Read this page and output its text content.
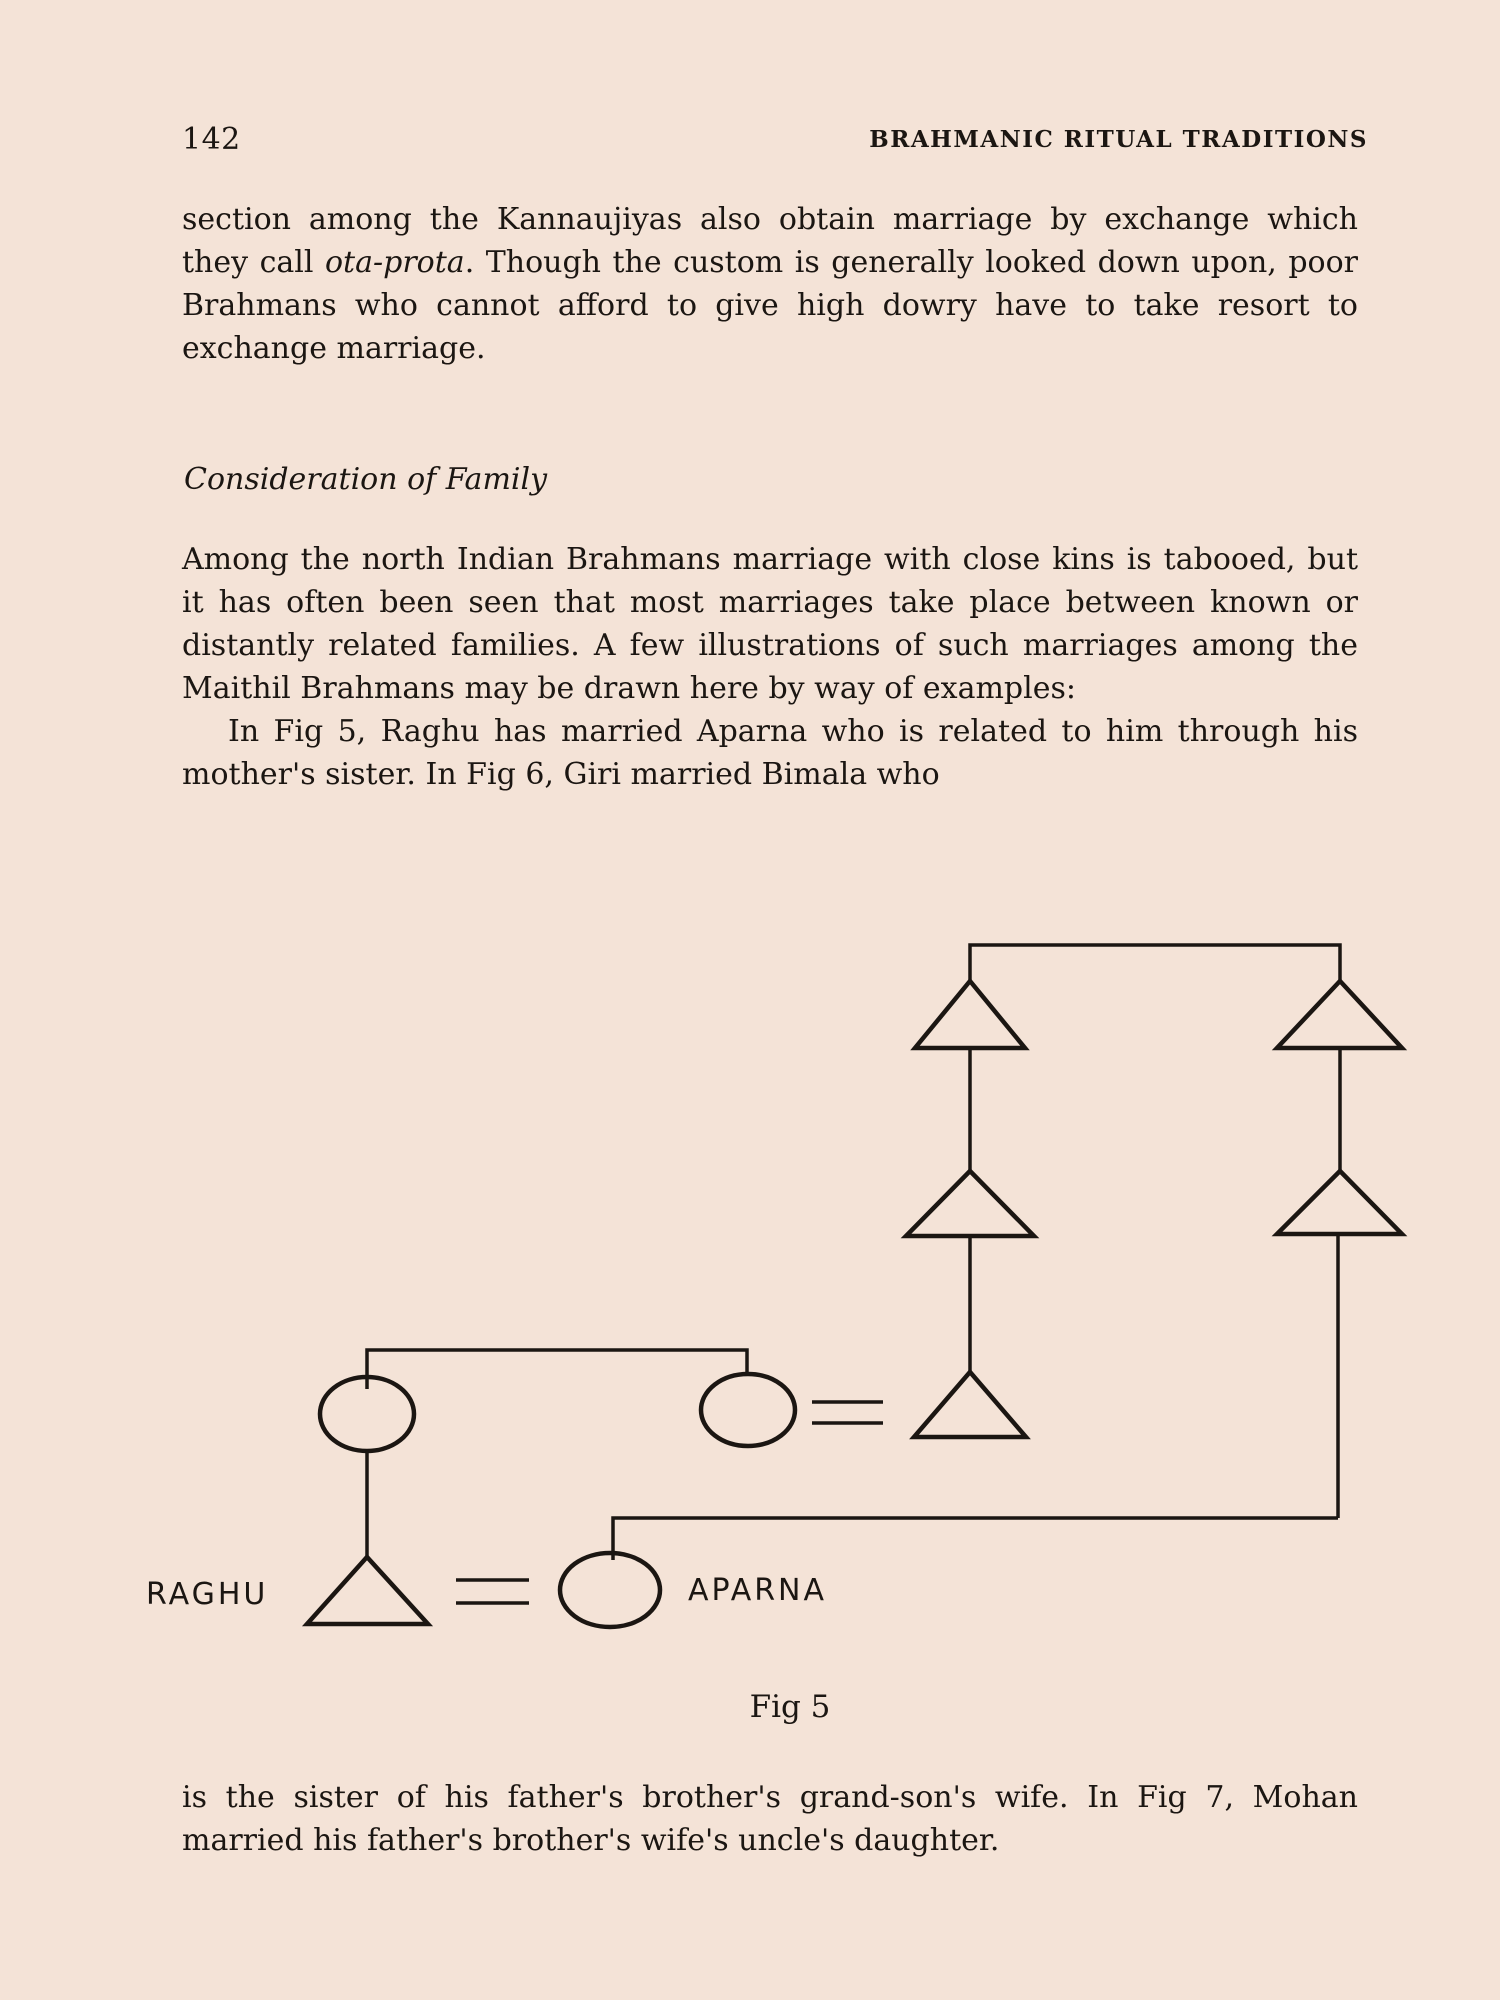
142	BRAHMANIC RITUAL TRADITIONS

section among the Kannaujiyas also obtain marriage by exchange which they call ota-prota. Though the custom is generally looked down upon, poor Brahmans who cannot afford to give high dowry have to take resort to exchange marriage.

Consideration of Family

Among the north Indian Brahmans marriage with close kins is tabooed, but it has often been seen that most marriages take place between known or distantly related families. A few illustrations of such marriages among the Maithil Brahmans may be drawn here by way of examples:

In Fig 5, Raghu has married Aparna who is related to him through his mother's sister. In Fig 6, Giri married Bimala who

RAGHU	APARNA
Fig 5

is the sister of his father's brother's grand-son's wife. In Fig 7, Mohan married his father's brother's wife's uncle's daughter.
